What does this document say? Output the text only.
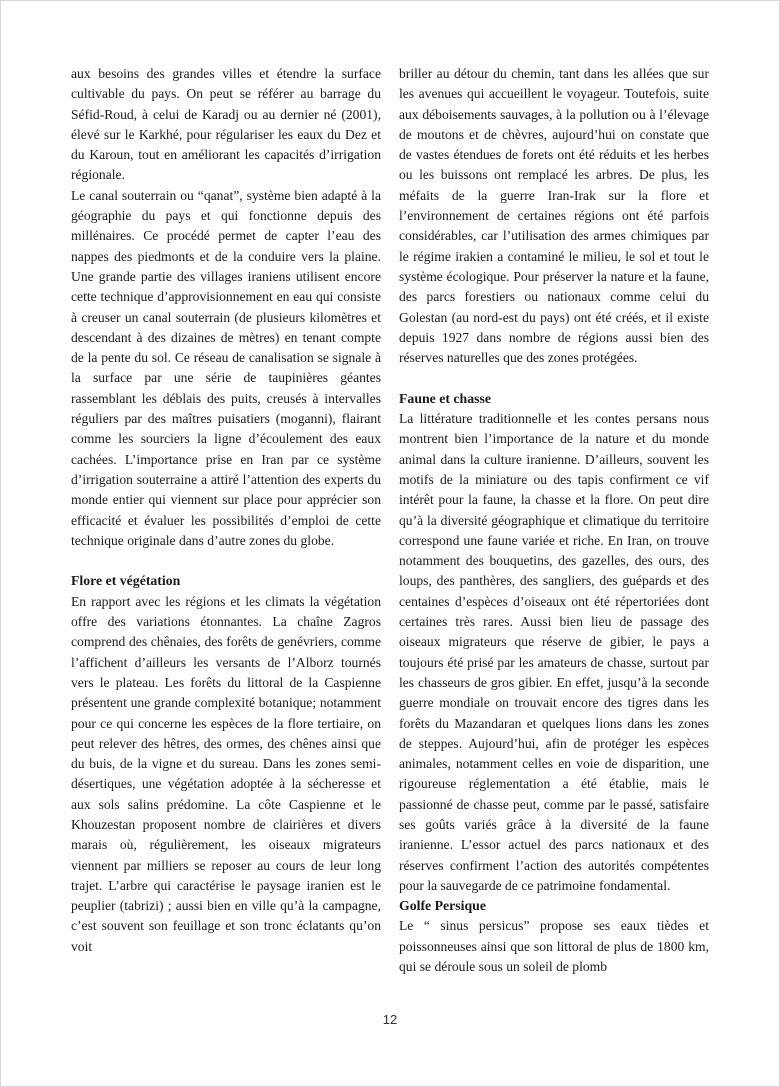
aux besoins des grandes villes et étendre la surface cultivable du pays. On peut se référer au barrage du Séfid-Roud, à celui de Karadj ou au dernier né (2001), élevé sur le Karkhé, pour régulariser les eaux du Dez et du Karoun, tout en améliorant les capacités d’irrigation régionale.

Le canal souterrain ou “qanat”, système bien adapté à la géographie du pays et qui fonctionne depuis des millénaires. Ce procédé permet de capter l’eau des nappes des piedmonts et de la conduire vers la plaine. Une grande partie des villages iraniens utilisent encore cette technique d’approvisionnement en eau qui consiste à creuser un canal souterrain (de plusieurs kilomètres et descendant à des dizaines de mètres) en tenant compte de la pente du sol. Ce réseau de canalisation se signale à la surface par une série de taupinières géantes rassemblant les déblais des puits, creusés à intervalles réguliers par des maîtres puisatiers (moganni), flairant comme les sourciers la ligne d’écoulement des eaux cachées. L’importance prise en Iran par ce système d’irrigation souterraine a attiré l’attention des experts du monde entier qui viennent sur place pour apprécier son efficacité et évaluer les possibilités d’emploi de cette technique originale dans d’autre zones du globe.

Flore et végétation

En rapport avec les régions et les climats la végétation offre des variations étonnantes. La chaîne Zagros comprend des chênaies, des forêts de genévriers, comme l’affichent d’ailleurs les versants de l’Alborz tournés vers le plateau. Les forêts du littoral de la Caspienne présentent une grande complexité botanique; notamment pour ce qui concerne les espèces de la flore tertiaire, on peut relever des hêtres, des ormes, des chênes ainsi que du buis, de la vigne et du sureau. Dans les zones semi-désertiques, une végétation adoptée à la sécheresse et aux sols salins prédomine. La côte Caspienne et le Khouzestan proposent nombre de clairières et divers marais où, régulièrement, les oiseaux migrateurs viennent par milliers se reposer au cours de leur long trajet. L’arbre qui caractérise le paysage iranien est le peuplier (tabrizi) ; aussi bien en ville qu’à la campagne, c’est souvent son feuillage et son tronc éclatants qu’on voit

briller au détour du chemin, tant dans les allées que sur les avenues qui accueillent le voyageur. Toutefois, suite aux déboisements sauvages, à la pollution ou à l’élevage de moutons et de chèvres, aujourd’hui on constate que de vastes étendues de forets ont été réduits et les herbes ou les buissons ont remplacé les arbres. De plus, les méfaits de la guerre Iran-Irak sur la flore et l’environnement de certaines régions ont été parfois considérables, car l’utilisation des armes chimiques par le régime irakien a contaminé le milieu, le sol et tout le système écologique. Pour préserver la nature et la faune, des parcs forestiers ou nationaux comme celui du Golestan (au nord-est du pays) ont été créés, et il existe depuis 1927 dans nombre de régions aussi bien des réserves naturelles que des zones protégées.

Faune et chasse

La littérature traditionnelle et les contes persans nous montrent bien l’importance de la nature et du monde animal dans la culture iranienne. D’ailleurs, souvent les motifs de la miniature ou des tapis confirment ce vif intérêt pour la faune, la chasse et la flore. On peut dire qu’à la diversité géographique et climatique du territoire correspond une faune variée et riche. En Iran, on trouve notamment des bouquetins, des gazelles, des ours, des loups, des panthères, des sangliers, des guépards et des centaines d’espèces d’oiseaux ont été répertoriées dont certaines très rares. Aussi bien lieu de passage des oiseaux migrateurs que réserve de gibier, le pays a toujours été prisé par les amateurs de chasse, surtout par les chasseurs de gros gibier. En effet, jusqu’à la seconde guerre mondiale on trouvait encore des tigres dans les forêts du Mazandaran et quelques lions dans les zones de steppes. Aujourd’hui, afin de protéger les espèces animales, notamment celles en voie de disparition, une rigoureuse réglementation a été établie, mais le passionné de chasse peut, comme par le passé, satisfaire ses goûts variés grâce à la diversité de la faune iranienne. L’essor actuel des parcs nationaux et des réserves confirment l’action des autorités compétentes pour la sauvegarde de ce patrimoine fondamental.

Golfe Persique

Le “ sinus persicus” propose ses eaux tièdes et poissonneuses ainsi que son littoral de plus de 1800 km, qui se déroule sous un soleil de plomb

12
